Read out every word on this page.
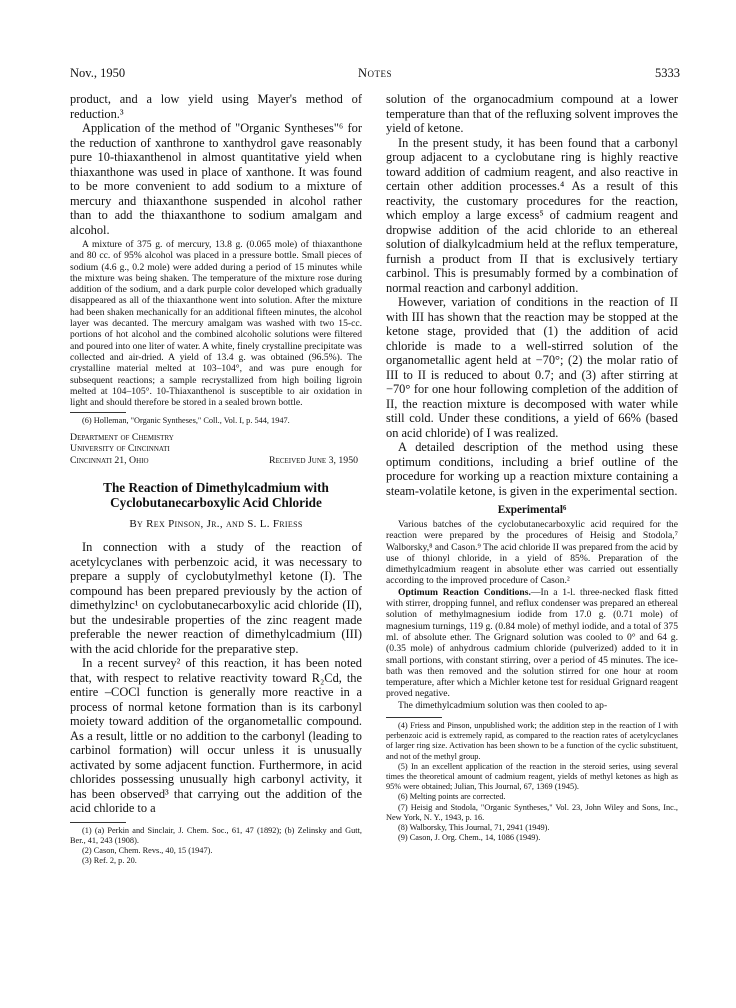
Nov., 1950	Notes	5333

product, and a low yield using Mayer's method of reduction.³

Application of the method of "Organic Syntheses"⁶ for the reduction of xanthrone to xanthydrol gave reasonably pure 10-thiaxanthenol in almost quantitative yield when thiaxanthone was used in place of xanthone. It was found to be more convenient to add sodium to a mixture of mercury and thiaxanthone suspended in alcohol rather than to add the thiaxanthone to sodium amalgam and alcohol.

A mixture of 375 g. of mercury, 13.8 g. (0.065 mole) of thiaxanthone and 80 cc. of 95% alcohol was placed in a pressure bottle. Small pieces of sodium (4.6 g., 0.2 mole) were added during a period of 15 minutes while the mixture was being shaken. The temperature of the mixture rose during addition of the sodium, and a dark purple color developed which gradually disappeared as all of the thiaxanthone went into solution. After the mixture had been shaken mechanically for an additional fifteen minutes, the alcohol layer was decanted. The mercury amalgam was washed with two 15-cc. portions of hot alcohol and the combined alcoholic solutions were filtered and poured into one liter of water. A white, finely crystalline precipitate was collected and air-dried. A yield of 13.4 g. was obtained (96.5%). The crystalline material melted at 103–104°, and was pure enough for subsequent reactions; a sample recrystallized from high boiling ligroin melted at 104–105°. 10-Thiaxanthenol is susceptible to air oxidation in light and should therefore be stored in a sealed brown bottle.

(6) Holleman, "Organic Syntheses," Coll., Vol. I, p. 544, 1947.

Department of Chemistry
University of Cincinnati
Cincinnati 21, Ohio	Received June 3, 1950
The Reaction of Dimethylcadmium with Cyclobutanecarboxylic Acid Chloride
By Rex Pinson, Jr., and S. L. Friess

In connection with a study of the reaction of acetylcyclanes with perbenzoic acid, it was necessary to prepare a supply of cyclobutylmethyl ketone (I). The compound has been prepared previously by the action of dimethylzinc¹ on cyclobutanecarboxylic acid chloride (II), but the undesirable properties of the zinc reagent made preferable the newer reaction of dimethylcadmium (III) with the acid chloride for the preparative step.

In a recent survey² of this reaction, it has been noted that, with respect to relative reactivity toward R₂Cd, the entire –COCl function is generally more reactive in a process of normal ketone formation than is its carbonyl moiety toward addition of the organometallic compound. As a result, little or no addition to the carbonyl (leading to carbinol formation) will occur unless it is unusually activated by some adjacent function. Furthermore, in acid chlorides possessing unusually high carbonyl activity, it has been observed³ that carrying out the addition of the acid chloride to a

(1) (a) Perkin and Sinclair, J. Chem. Soc., 61, 47 (1892); (b) Zelinsky and Gutt, Ber., 41, 243 (1908).

(2) Cason, Chem. Revs., 40, 15 (1947).

(3) Ref. 2, p. 20.

solution of the organocadmium compound at a lower temperature than that of the refluxing solvent improves the yield of ketone.

In the present study, it has been found that a carbonyl group adjacent to a cyclobutane ring is highly reactive toward addition of cadmium reagent, and also reactive in certain other addition processes.⁴ As a result of this reactivity, the customary procedures for the reaction, which employ a large excess⁵ of cadmium reagent and dropwise addition of the acid chloride to an ethereal solution of dialkylcadmium held at the reflux temperature, furnish a product from II that is exclusively tertiary carbinol. This is presumably formed by a combination of normal reaction and carbonyl addition.

However, variation of conditions in the reaction of II with III has shown that the reaction may be stopped at the ketone stage, provided that (1) the addition of acid chloride is made to a well-stirred solution of the organometallic agent held at −70°; (2) the molar ratio of III to II is reduced to about 0.7; and (3) after stirring at −70° for one hour following completion of the addition of II, the reaction mixture is decomposed with water while still cold. Under these conditions, a yield of 66% (based on acid chloride) of I was realized.

A detailed description of the method using these optimum conditions, including a brief outline of the procedure for working up a reaction mixture containing a steam-volatile ketone, is given in the experimental section.

Experimental⁶

Various batches of the cyclobutanecarboxylic acid required for the reaction were prepared by the procedures of Heisig and Stodola,⁷ Walborsky,⁸ and Cason.⁹ The acid chloride II was prepared from the acid by use of thionyl chloride, in a yield of 85%. Preparation of the dimethylcadmium reagent in absolute ether was carried out essentially according to the improved procedure of Cason.²

Optimum Reaction Conditions.—In a 1-l. three-necked flask fitted with stirrer, dropping funnel, and reflux condenser was prepared an ethereal solution of methylmagnesium iodide from 17.0 g. (0.71 mole) of magnesium turnings, 119 g. (0.84 mole) of methyl iodide, and a total of 375 ml. of absolute ether. The Grignard solution was cooled to 0° and 64 g. (0.35 mole) of anhydrous cadmium chloride (pulverized) added to it in small portions, with constant stirring, over a period of 45 minutes. The ice-bath was then removed and the solution stirred for one hour at room temperature, after which a Michler ketone test for residual Grignard reagent proved negative.

The dimethylcadmium solution was then cooled to ap-

(4) Friess and Pinson, unpublished work; the addition step in the reaction of I with perbenzoic acid is extremely rapid, as compared to the reaction rates of acetylcyclanes of larger ring size. Activation has been shown to be a function of the cyclic substituent, and not of the methyl group.

(5) In an excellent application of the reaction in the steroid series, using several times the theoretical amount of cadmium reagent, yields of methyl ketones as high as 95% were obtained; Julian, This Journal, 67, 1369 (1945).

(6) Melting points are corrected.

(7) Heisig and Stodola, "Organic Syntheses," Vol. 23, John Wiley and Sons, Inc., New York, N. Y., 1943, p. 16.

(8) Walborsky, This Journal, 71, 2941 (1949).

(9) Cason, J. Org. Chem., 14, 1086 (1949).
